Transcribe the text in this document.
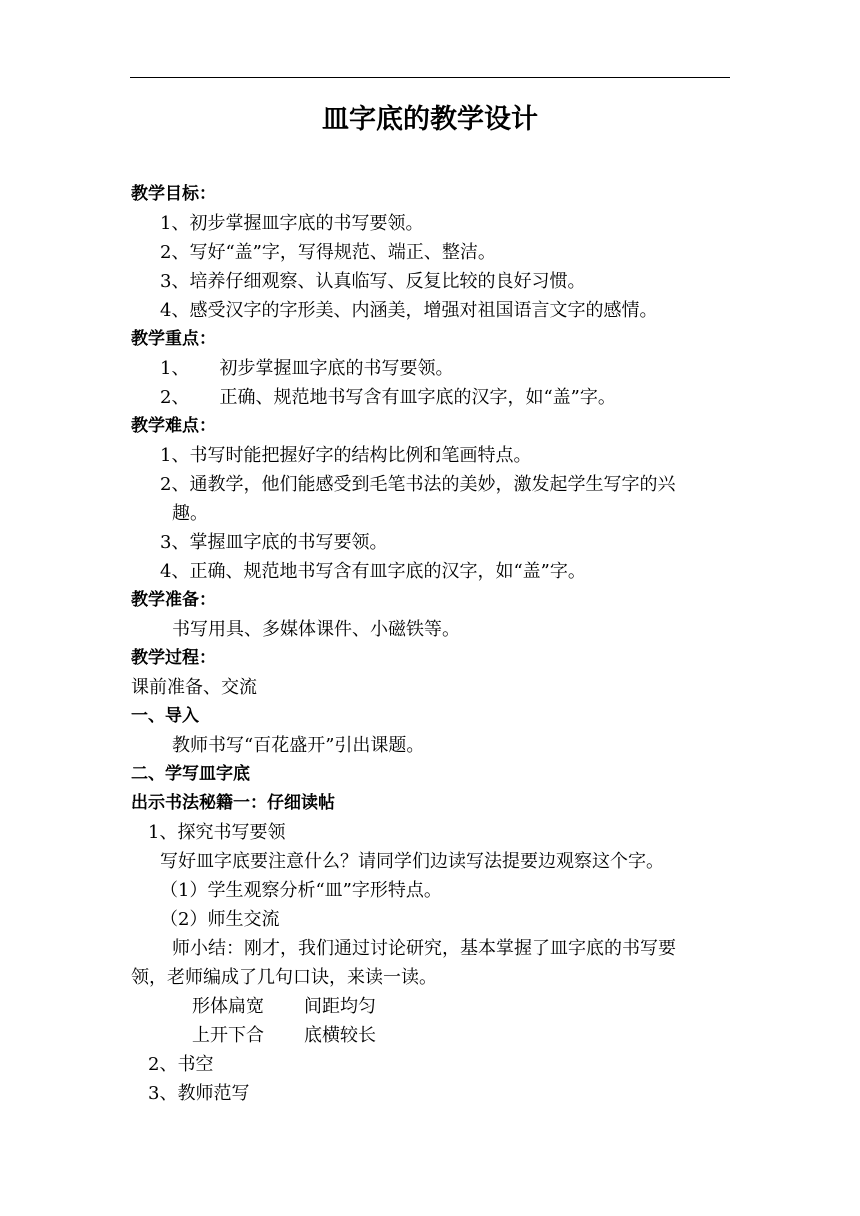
皿字底的教学设计
教学目标：
1、初步掌握皿字底的书写要领。
2、写好“盖”字，写得规范、端正、整洁。
3、培养仔细观察、认真临写、反复比较的良好习惯。
4、感受汉字的字形美、内涵美，增强对祖国语言文字的感情。
教学重点：
1、 初步掌握皿字底的书写要领。
2、 正确、规范地书写含有皿字底的汉字，如“盖”字。
教学难点：
1、书写时能把握好字的结构比例和笔画特点。
2、通教学，他们能感受到毛笔书法的美妙，激发起学生写字的兴
趣。
3、掌握皿字底的书写要领。
4、正确、规范地书写含有皿字底的汉字，如“盖”字。
教学准备：
书写用具、多媒体课件、小磁铁等。
教学过程：
课前准备、交流
一、导入
教师书写“百花盛开”引出课题。
二、学写皿字底
出示书法秘籍一：仔细读帖
1、探究书写要领
写好皿字底要注意什么？请同学们边读写法提要边观察这个字。
（1）学生观察分析“皿”字形特点。
（2）师生交流
师小结：刚才，我们通过讨论研究，基本掌握了皿字底的书写要
领，老师编成了几句口诀，来读一读。
形体扁宽 间距均匀
上开下合 底横较长
2、书空
3、教师范写
